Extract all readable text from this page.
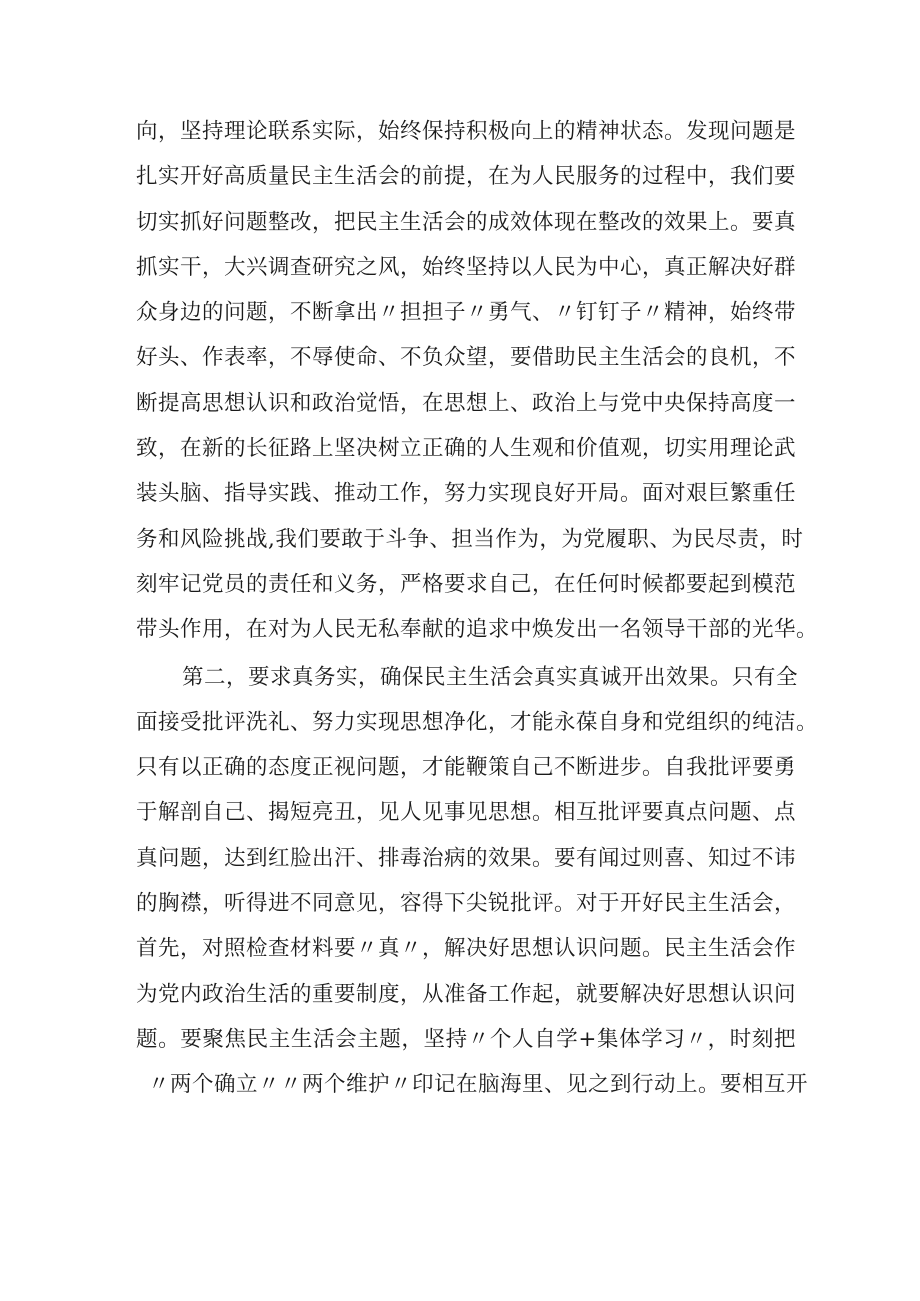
向，坚持理论联系实际，始终保持积极向上的精神状态。发现问题是
扎实开好高质量民主生活会的前提，在为人民服务的过程中，我们要
切实抓好问题整改，把民主生活会的成效体现在整改的效果上。要真
抓实干，大兴调查研究之风，始终坚持以人民为中心，真正解决好群
众身边的问题，不断拿出〃担担子〃勇气、〃钉钉子〃精神，始终带
好头、作表率，不辱使命、不负众望，要借助民主生活会的良机，不
断提高思想认识和政治觉悟，在思想上、政治上与党中央保持高度一
致，在新的长征路上坚决树立正确的人生观和价值观，切实用理论武
装头脑、指导实践、推动工作，努力实现良好开局。面对艰巨繁重任
务和风险挑战,我们要敢于斗争、担当作为，为党履职、为民尽责，时
刻牢记党员的责任和义务，严格要求自己，在任何时候都要起到模范
带头作用，在对为人民无私奉献的追求中焕发出一名领导干部的光华。
第二，要求真务实，确保民主生活会真实真诚开出效果。只有全
面接受批评洗礼、努力实现思想净化，才能永葆自身和党组织的纯洁。
只有以正确的态度正视问题，才能鞭策自己不断进步。自我批评要勇
于解剖自己、揭短亮丑，见人见事见思想。相互批评要真点问题、点
真问题，达到红脸出汗、排毒治病的效果。要有闻过则喜、知过不讳
的胸襟，听得进不同意见，容得下尖锐批评。对于开好民主生活会，
首先，对照检查材料要〃真〃，解决好思想认识问题。民主生活会作
为党内政治生活的重要制度，从准备工作起，就要解决好思想认识问
题。要聚焦民主生活会主题，坚持〃个人自学+集体学习〃，时刻把
〃两个确立〃〃两个维护〃印记在脑海里、见之到行动上。要相互开
